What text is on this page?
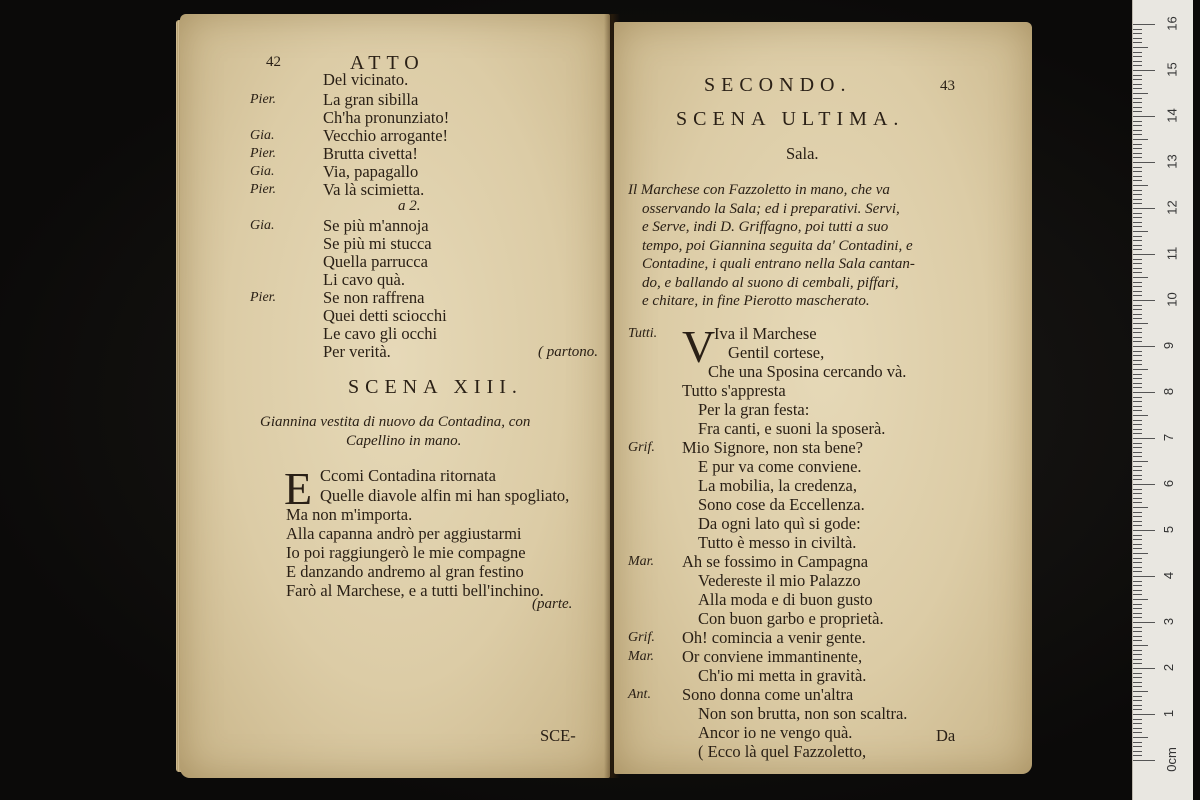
42	ATTO
Del vicinato.
Pier.	La gran sibilla
Ch'ha pronunziato!
Gia.	Vecchio arrogante!
Pier.	Brutta civetta!
Gia.	Via, papagallo
Pier.	Va là scimietta.
a 2.
Gia.	Se più m'annoja
Se più mi stucca
Quella parrucca
Li cavo quà.
Pier.	Se non raffrena
Quei detti sciocchi
Le cavo gli occhi
Per verità.	( partono.
SCENA XIII.
Giannina vestita di nuovo da Contadina, con
Capellino in mano.
E Ccomi Contadina ritornata
Quelle diavole alfin mi han spogliato,
Ma non m'importa.
Alla capanna andrò per aggiustarmi
Io poi raggiungerò le mie compagne
E danzando andremo al gran festino
Farò al Marchese, e a tutti bell'inchino.
(parte.
SCE-
SECONDO.	43
SCENA ULTIMA.
Sala.
Il Marchese con Fazzoletto in mano, che va
osservando la Sala; ed i preparativi. Servi,
e Serve, indi D. Griffagno, poi tutti a suo
tempo, poi Giannina seguita da' Contadini, e
Contadine, i quali entrano nella Sala cantan-
do, e ballando al suono di cembali, piffari,
e chitare, in fine Pierotto mascherato.
V
Tutti.	Iva il Marchese
Gentil cortese,
Che una Sposina cercando và.
Tutto s'appresta
Per la gran festa:
Fra canti, e suoni la sposerà.
Grif. Mio Signore, non sta bene?
E pur va come conviene.
La mobilia, la credenza,
Sono cose da Eccellenza.
Da ogni lato quì si gode:
Tutto è messo in civiltà.
Mar. Ah se fossimo in Campagna
Vedereste il mio Palazzo
Alla moda e di buon gusto
Con buon garbo e proprietà.
Grif. Oh! comincia a venir gente.
Mar. Or conviene immantinente,
Ch'io mi metta in gravità.
Ant. Sono donna come un'altra
Non son brutta, non son scaltra.
Ancor io ne vengo quà.
( Ecco là quel Fazzoletto,
Da
0cm
1
2
3
4
5
6
7
8
9
10
11
12
13
14
15
16
